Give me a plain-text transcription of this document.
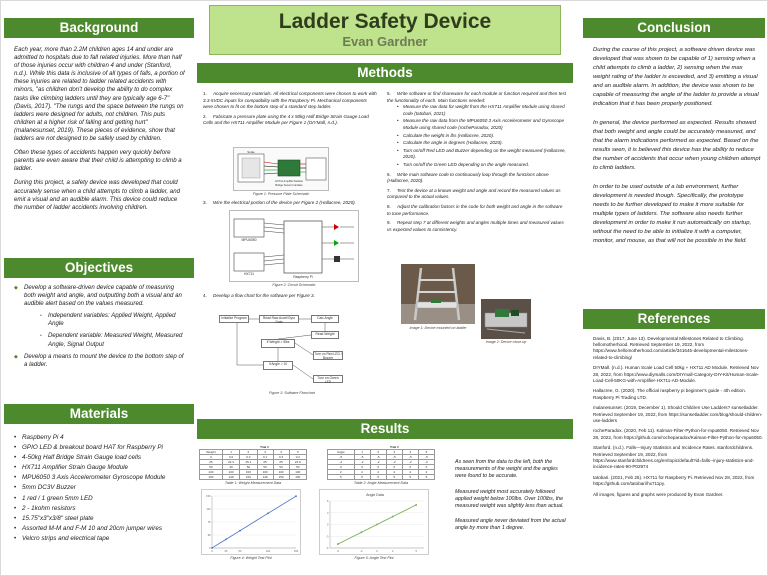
Background

Each year, more than 2.2M children ages 14 and under are admitted to hospitals due to fall related injuries. More than half of those injuries occur with children 4 and under (Stanford, n.d.). While this data is inclusive of all types of falls, a portion of these injuries are related to ladder related accidents with minors, "as children don't develop the ability to do complex tasks like climbing ladders until they are typically age 6-7" (Davis, 2017). "The rungs and the space between the rungs on ladders were designed for adults, not children. This puts children at a higher risk of falling and getting hurt" (malanesunset, 2019). These pieces of evidence, show that ladders are not designed to be safely used by children.

Often these types of accidents happen very quickly before parents are even aware that their child is attempting to climb a ladder.

During this project, a safety device was developed that could accurately sense when a child attempts to climb a ladder, and emit a visual and an audible alarm. This device could reduce the number of ladder accidents involving children.

Objectives
◆ Develop a software-driven device capable of measuring both weight and angle, and outputting both a visual and an audible alert based on the values measured.
• Independent variables: Applied Weight, Applied Angle
• Dependent variable: Measured Weight, Measured Angle, Signal Output
◆ Develop a means to mount the device to the bottom step of a ladder.
Materials
• Raspberry Pi 4
• GPIO LED & breakout board HAT for Raspberry Pi
• 4-50kg Half Bridge Strain Gauge load cells
• HX711 Amplifier Strain Gauge Module
• MPU6050 3 Axis Accelerometer Gyroscope Module
• 5mm DC3V Buzzer
• 1 red / 1 green 5mm LED
• 2 - 1kohm resistors
• 15.75"x3"x3/8" steel plate
• Assorted M-M and F-M 10 and 20cm jumper wires
• Velcro strips and electrical tape
Ladder Safety Device
Evan Gardner
Methods
1. Acquire necessary materials. All electrical components were chosen to work with 3.3-5VDC inputs for compatibility with the Raspberry Pi. Mechanical components were chosen to fit on the bottom step of a standard step ladder.
2. Fabricate a pressure plate using the 4 x 50kg Half Bridge Strain Gauge Load Cells and the HX711 Amplifier Module per Figure 1 (DIYMall, n.d.).
Scale
HX711 Amplifier Module
Bridge Sensor Interface
Figure 1: Pressure Plate Schematic
3. Wire the electrical portion of the device per Figure 2 (Hallacree, 2020).
MPU6050
HX711
Raspberry Pi
Figure 2: Circuit Schematic
4. Develop a flow chart for the software per Figure 3.
Initialize Program	Read Raw Accel/Gyro Data
Calc Angle
Read Weight
If Weight > 5lbs
Turn on Red LED / Buzzer
If Angle > 10
Turn on Green LED
Figure 3: Software Flowchart
5. Write software or find shareware for each module or function required and then test the functionality of each. Main functions needed:
• Measure the raw data for weight from the HX711 Amplifier Module using shared code (tatobari, 2021)
• Measure the raw data from the MPU6050 3 Axis Accelerometer and Gyroscope Module using shared code (rocheParadox, 2020)
• Calculate the weight in lbs (Hallacree, 2020).
• Calculate the angle in degrees (Hallacree, 2020).
• Turn on/off Red LED and Buzzer depending on the weight measured (Hallacree, 2020).
• Turn on/off the Green LED depending on the angle measured.
6. Write main software code to continuously loop through the functions above (Hallacree, 2020).
7. Test the device at a known weight and angle and record the measured values as compared to the actual values.
8. Adjust the calibration factors in the code for both weight and angle in the software to tune performance.
9. Repeat step 7 at different weights and angles multiple times and measured values vs expected values to consistency.
Image 1: Device mounted on ladder
Image 2: Device close-up
Results
	Trial #				
Weight	1	2	3	4	5
0	0.0	0.3	0.1	0.3	0.2
25	24.3	25.1	25	25	24.9
50	49	50	50	50	50
100	100	100	100	100	100
150	149	150	149	150	150
Table 1: Weight Measurement Data
	Trial #				
Angle	1	2	3	4	5
-5	-5	-5	-5	-5	-5
-2	-2	-2	-2	-2	-2
0	0	0	0	0	0
2	2	2	2	2	2
5	5	5	5	5	5
Table 2: Angle Measurement Data
150
113
75
38
0
0	25	50	100	150
Figure 4: Weight Test Plot
Angle Data
6
3
0
-3
-6
-5	-2	0	2	5
Figure 5: Angle Test Plot

As seen from the data to the left, both the measurements of the weight and the angles were found to be accurate.

Measured weight most accurately followed applied weight below 100lbs. Over 100lbs, the measured weight was slightly less than actual.

Measured angle never deviated from the actual angle by more than 1 degree.

Conclusion

During the course of this project, a software driven device was developed that was shown to be capable of 1) sensing when a child attempts to climb a ladder, 2) sensing when the max weight rating of the ladder is exceeded, and 3) emitting a visual and an audible alarm. In addition, the device was shown to be capable of measuring the angle of the ladder to provide a visual indication that it has been properly positioned.

In general, the device performed as expected. Results showed that both weight and angle could be accurately measured, and that the alarm indications performed as expected. Based on the results seen, it is believed this device has the ability to reduce the number of accidents that occur when young children attempt to climb ladders.

In order to be used outside of a lab environment, further development is needed though. Specifically, the prototype needs to be further developed to make it more suitable for multiple types of ladders. The software also needs further development in order to make it run automatically on startup, without the need to be able to initialize it with a computer, monitor, and mouse, as that will not be possible in the field.

References

Davis, B. (2017, June 13). Developmental Milestones Related to Climbing. hellomotherhood. Retrieved September 19, 2022, from https://www.hellomotherhood.com/article/341645-developmental-milestones-related-to-climbing/

DIYMall. (n.d.). Human Scale Load Cell 50kg + HX711 AD Module. Retrieved Nov 28, 2022, from https://www.diymalls.com/DIYmall-Category-DIY-Kit/Human-Scale-Load-Cell-50KG-with-Amplifier-HX711-AD-Module.

Hallacree, G. (2020). The official raspberry pi beginner's guide - 4th edition. Raspberry Pi Trading LTD.

malanesunset. (2019, December 1). Should Children Use Ladders? sunsetladder. Retrieved September 19, 2022, from https://sunsetladder.com/blog/should-children-use-ladders

rocheParadox. (2020, Feb 11). Kalman-Filter-Python-for-mpu6050. Retrieved Nov 28, 2022, from https://github.com/rocheparadox/Kalman-Filter-Python-for-mpu6050.

Stanford. (n.d.). Falls—Injury Statistics and Incidence Rates. stanfordchildrens. Retrieved September 19, 2022, from https://www.stanfordchildrens.org/en/topic/default?id=falls--injury-statistics-and-incidence-rates-90-P02974

tatobari. (2021, Feb 25). HX711 for Raspberry Pi. Retrieved Nov 28, 2022, from https://github.com/tatobari/hx711py.

All images, figures and graphs were produced by Evan Gardner.
